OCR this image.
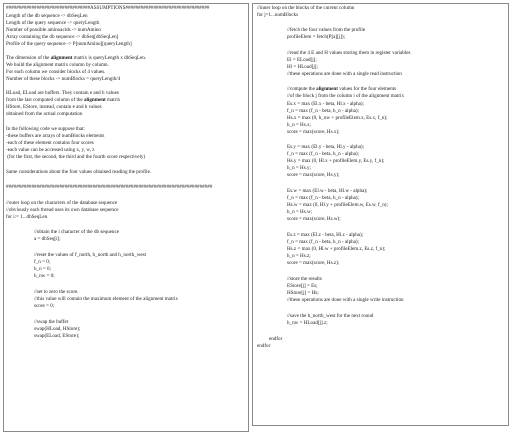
#################################ASSUMPTIONS#################################
Length of the db sequence -> dbSeqLen
Length of the query sequence -> queryLength
Number of possible aminoacids -> numAmino
Array containing the db sequence -> dbSeq[dbSeqLen]
Profile of the query sequence -> P[numAmino][queryLength]
The dimension of the alignment matrix is queryLength x dbSeqLen.
We build the alignment matrix column by column.
For each column we consider blocks of 4 values.
Number of these blocks -> numBlocks = queryLength/4
HLoad, ELoad are buffers. They contain e and h values
from the last computed column of the alignment matrix
HStore, EStore, instead, contain e and h values
obtained from the actual computation
In the following code we suppose that:
-these buffers are arrays of numBlocks elements
-each of these element contains four scores
-each value can be accessed using x, y, w, z
(for the first, the second, the third and the fourth score respectively)
Same considerations about the four values obtained reading the profile.
#################################################################################
//outer loop on the characters of the database sequence
//obviously each thread uses its own database sequence
for i:= 1...dbSeqLen
//obtain the i character of the db sequence
a = dbSeq[i];
//reset the values of f_north, h_north and h_north_west
f_n = 0;
h_n = 0;
h_nw = 0;
//set to zero the score.
//this value will contain the maximum element of the alignment matrix
score = 0;
//swap the buffer
swap(HLoad, HStore);
swap(ELoad, EStore);
//inner loop on the blocks of the current column
for j=1...numBlocks
//fetch the four values from the profile
profileElem = fetch(P[a][j]);
//read the 4 E and H values storing them in register variables
El = ELoad[j];
Hl = HLoad[j];
//these operations are done with a single read instruction
//compute the alignment values for the four elements
//of the block j from the column i of the alignment matrix
Es.x = max (El.x - beta, Hl.x - alpha);
f_n = max (f_n - beta, h_n - alpha);
Hs.x = max (0, h_nw + profileElem.x, Es.x, f_n);
h_n = Hs.x;
score = max(score, Hs.x);
Es.y = max (El.y - beta, Hl.y - alpha);
f_n = max (f_n - beta, h_n - alpha);
Hs.y = max (0, Hl.x + profileElem.y, Es.y, f_n);
h_n = Hs.y;
score = max(score, Hs.y);
Es.w = max (El.w - beta, Hl.w - alpha);
f_n = max (f_n - beta, h_n - alpha);
Hs.w = max (0, Hl.y + profileElem.w, Es.w, f_n);
h_n = Hs.w;
score = max(score, Hs.w);
Es.z = max (El.z - beta, Hl.z - alpha);
f_n = max (f_n - beta, h_n - alpha);
Hs.z = max (0, Hl.w + profileElem.z, Es.z, f_n);
h_n = Hs.z;
score = max(score, Hs.z);
//store the results
EStore[j] = Es;
HStore[j] = Hs;
//these operations are done with a single write instruction
//save the h_north_west for the next round
h_nw = HLoad[j].z;
endfor
endfor
